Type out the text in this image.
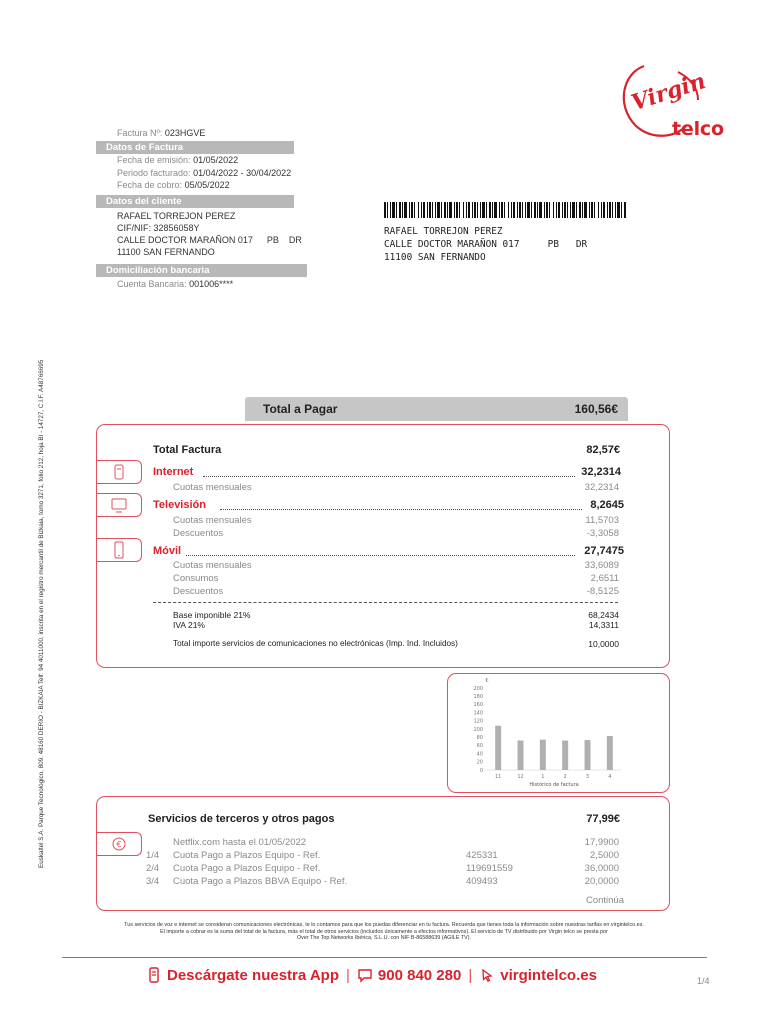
Virgin
telco
Euskaltel S.A. Parque Tecnológico, 809. 48160 DERIO - BIZKAIA Telf: 94 4011000, inscrita en el registro mercantil de Bizkaia, tomo 3271, folio 212, hoja BI - 14727, C.I.F. A48766695
Factura Nº: 023HGVE
Datos de Factura
Fecha de emisión: 01/05/2022
Periodo facturado: 01/04/2022 - 30/04/2022
Fecha de cobro: 05/05/2022
Datos del cliente
RAFAEL TORREJON PEREZ
CIF/NIF: 32856058Y
CALLE DOCTOR MARAÑON 017 PB DR
11100 SAN FERNANDO
Domiciliación bancaria
Cuenta Bancaria: 001006****
RAFAEL TORREJON PEREZ
CALLE DOCTOR MARAÑON 017     PB   DR
11100 SAN FERNANDO
Total a Pagar	160,56€
Total Factura	82,57€
Internet	32,2314
Cuotas mensuales	32,2314
Televisión	8,2645
Cuotas mensuales	11,5703
Descuentos	-3,3058
Móvil	27,7475
Cuotas mensuales	33,6089
Consumos	2,6511
Descuentos	-8,5125
Base imponible 21%	68,2434
IVA 21%	14,3311
Total importe servicios de comunicaciones no electrónicas (Imp. Ind. Incluidos)	10,0000
€
200
180
160
140
120
100
80
60
40
20
0
11	12	1	2	3	4
Histórico de factura
Servicios de terceros y otros pagos	77,99€
€	Netflix.com hasta el 01/05/2022	17,9900
1/4 Cuota Pago a Plazos Equipo - Ref.	425331	2,5000
2/4 Cuota Pago a Plazos Equipo - Ref.	119691559	36,0000
3/4 Cuota Pago a Plazos BBVA Equipo - Ref.	409493	20,0000
Continúa
Tus servicios de voz e internet se consideran comunicaciones electrónicas, te lo contamos para que los puedas diferenciar en tu factura. Recuerda que tienes toda la información sobre nuestras tarifas en virgintelco.es.
El importe a cobrar es la suma del total de la factura, más el total de otros servicios (incluidos únicamente a efectos informativos). El servicio de TV distribuido por Virgin telco se presta por
Over The Top Networks Ibérica, S.L.U. con NIF B-86588639 (AGILE TV).
Descárgate nuestra App | 900 840 280 | virgintelco.es	1/4
